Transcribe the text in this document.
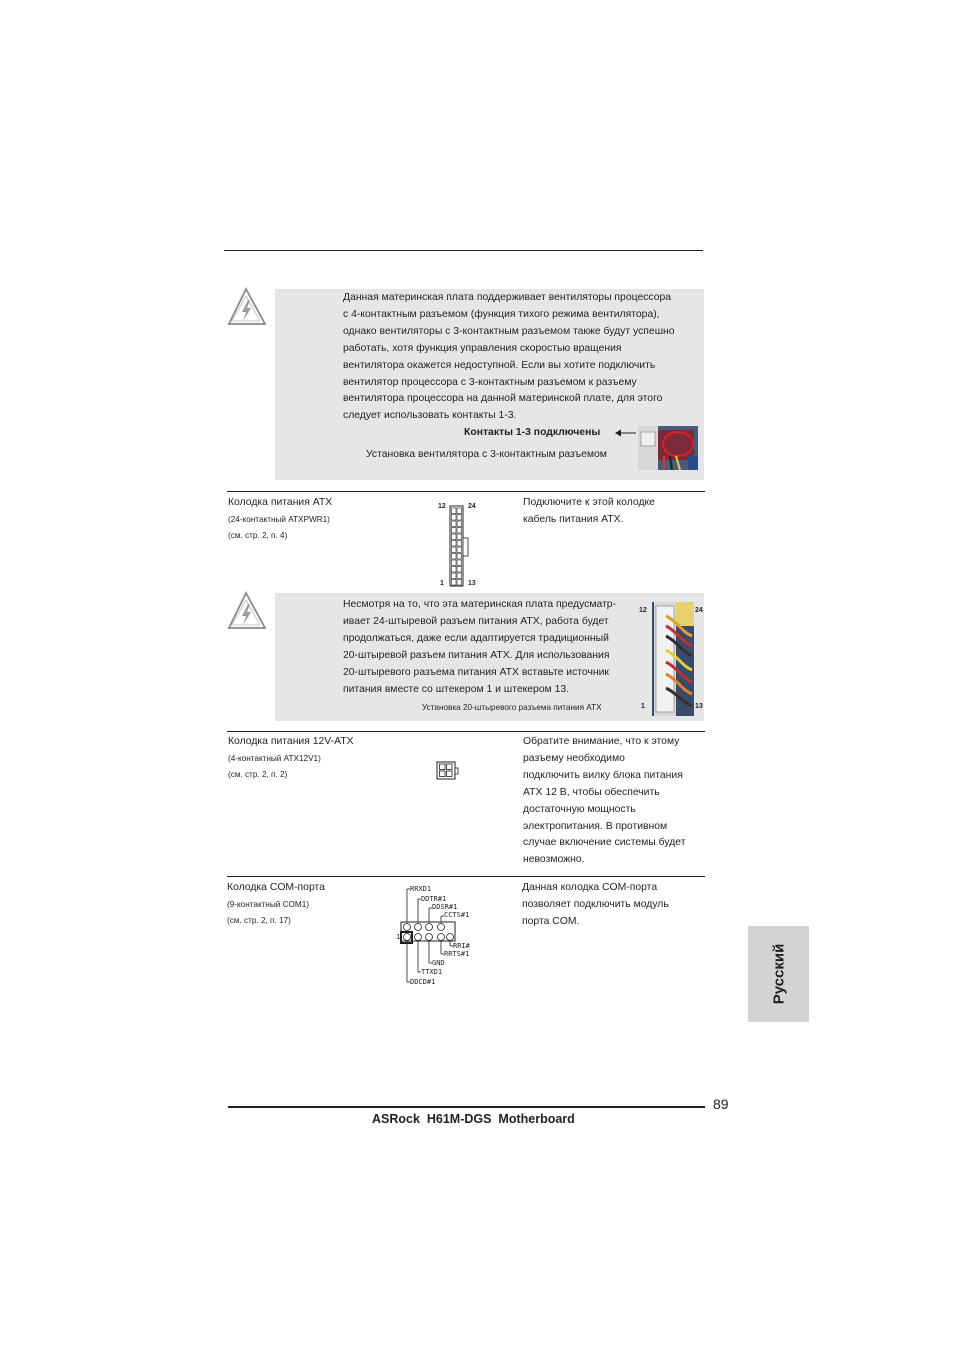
Данная материнская плата поддерживает вентиляторы процессора
с 4-контактным разъемом (функция тихого режима вентилятора),
однако вентиляторы с 3-контактным разъемом также будут успешно
работать, хотя функция управления скоростью вращения
вентилятора окажется недоступной. Если вы хотите подключить
вентилятор процессора с 3-контактным разъемом к разъему
вентилятора процессора на данной материнской плате, для этого
следует использовать контакты 1-3.
Контакты 1-3 подключены
Установка вентилятора с 3-контактным разъемом
Колодка питания ATX
(24-контактный ATXPWR1)
(см. стр. 2, п. 4)
12	24
1	13
Подключите к этой колодке
кабель питания ATX.
Несмотря на то, что эта материнская плата предусматр-
ивает 24-штыревой разъем питания ATX, работа будет
продолжаться, даже если адаптируется традиционный
20-штыревой разъем питания ATX. Для использования
20-штыревого разъема питания ATX вставьте источник
питания вместе со штекером 1 и штекером 13.
Установка 20-штыревого разъема питания ATX
12	24
1	13
Колодка питания 12V-ATX
(4-контактный ATX12V1)
(см. стр. 2, п. 2)
Обратите внимание, что к этому
разъему необходимо
подключить вилку блока питания
ATX 12 В, чтобы обеспечить
достаточную мощность
электропитания. В противном
случае включение системы будет
невозможно.
Колодка COM-порта
(9-контактный COM1)
(см. стр. 2, п. 17)
RRXD1
DDTR#1
DDSR#1
CCTS#1
1
RRI#
RRTS#1
GND
TTXD1
DDCD#1
Данная колодка COM-порта
позволяет подключить модуль
порта COM.
Русский
89
ASRock  H61M-DGS  Motherboard
